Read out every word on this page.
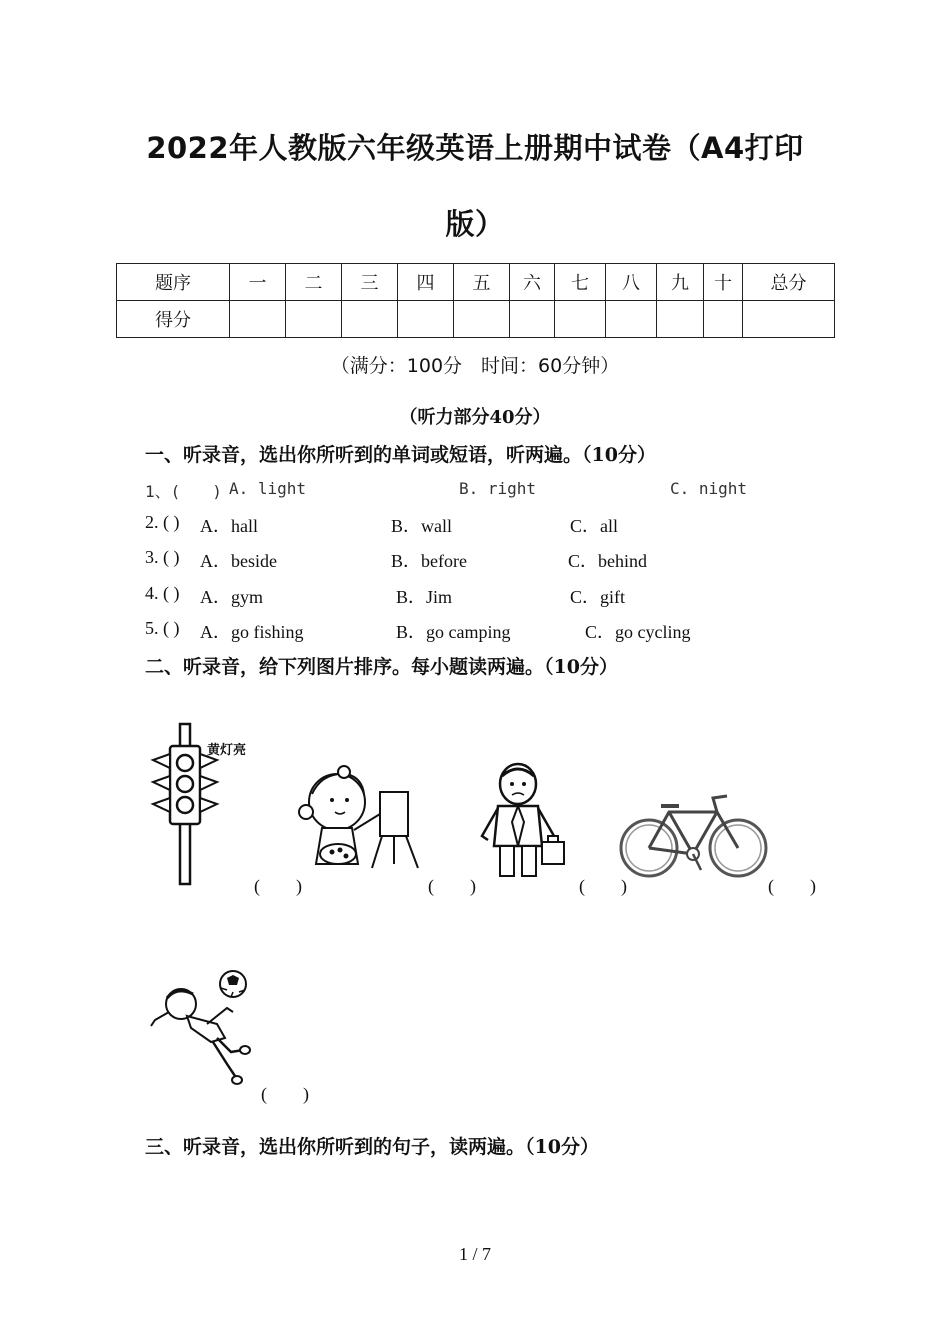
2022年人教版六年级英语上册期中试卷（A4打印
版）
题序	一	二	三	四	五	六	七	八	九	十	总分
得分											
（满分：100分　时间：60分钟）
（听力部分40分）
一、听录音，选出你所听到的单词或短语，听两遍。（10分）
1、(　　) A. light	B. right	C. night
2. ( ) A．hall	B．wall	C．all
3. ( ) A．beside	B．before	C．behind
4. ( ) A．gym	B．Jim	C．gift
5. ( ) A．go fishing	B．go camping	C．go cycling
二、听录音，给下列图片排序。每小题读两遍。（10分）
黄灯亮
(　　)	(　　)	(　　)	(　　)
(　　)
三、听录音，选出你所听到的句子，读两遍。（10分）
1 / 7
